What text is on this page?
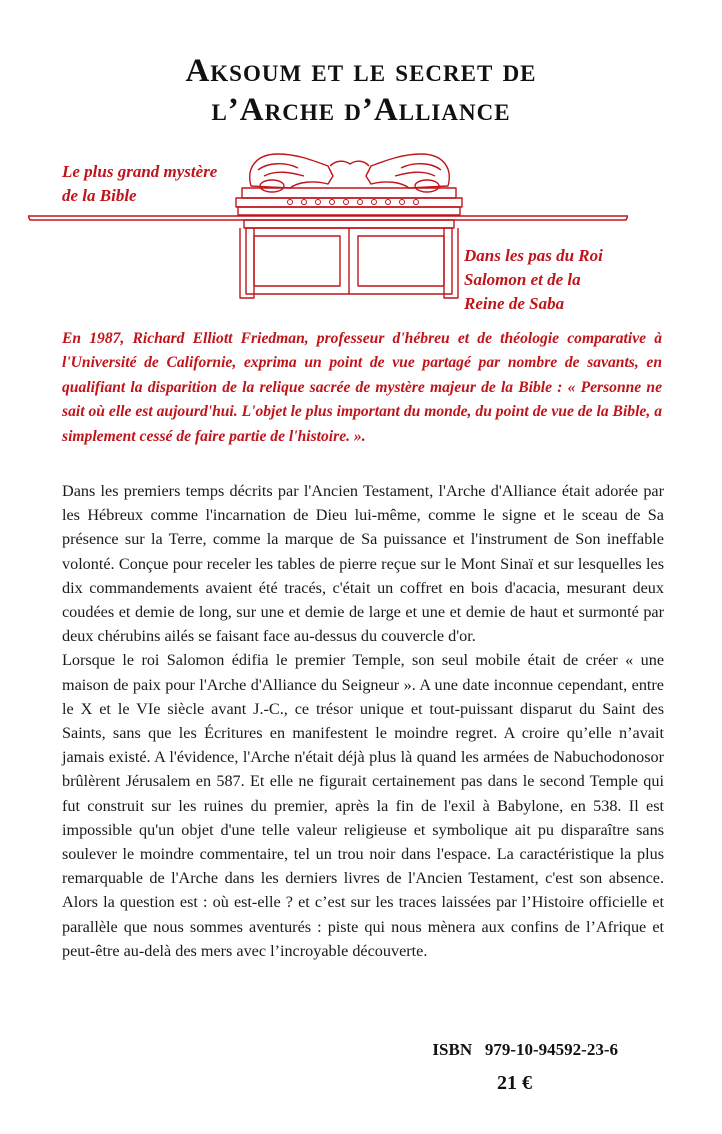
Aksoum et le secret de
l’Arche d’Alliance

Le plus grand mystère

de la Bible

Dans les pas du Roi

Salomon et de la

Reine de Saba

En 1987, Richard Elliott Friedman, professeur d'hébreu et de théologie comparative à l'Université de Californie, exprima un point de vue partagé par nombre de savants, en qualifiant la disparition de la relique sacrée de mystère majeur de la Bible : « Personne ne sait où elle est aujourd'hui. L'objet le plus important du monde, du point de vue de la Bible, a simplement cessé de faire partie de l'histoire. ».

Dans les premiers temps décrits par l'Ancien Testament, l'Arche d'Alliance était adorée par les Hébreux comme l'incarnation de Dieu lui-même, comme le signe et le sceau de Sa présence sur la Terre, comme la marque de Sa puissance et l'instrument de Son ineffable volonté. Conçue pour receler les tables de pierre reçue sur le Mont Sinaï et sur lesquelles les dix commandements avaient été tracés, c'était un coffret en bois d'acacia, mesurant deux coudées et demie de long, sur une et demie de large et une et demie de haut et surmonté par deux chérubins ailés se faisant face au-dessus du couvercle d'or.

Lorsque le roi Salomon édifia le premier Temple, son seul mobile était de créer « une maison de paix pour l'Arche d'Alliance du Seigneur ». A une date inconnue cependant, entre le X et le VIe siècle avant J.-C., ce trésor unique et tout-puissant disparut du Saint des Saints, sans que les Écritures en manifestent le moindre regret. A croire qu’elle n’avait jamais existé. A l'évidence, l'Arche n'était déjà plus là quand les armées de Nabuchodonosor brûlèrent Jérusalem en 587. Et elle ne figurait certainement pas dans le second Temple qui fut construit sur les ruines du premier, après la fin de l'exil à Babylone, en 538. Il est impossible qu'un objet d'une telle valeur religieuse et symbolique ait pu disparaître sans soulever le moindre commentaire, tel un trou noir dans l'espace. La caractéristique la plus remarquable de l'Arche dans les derniers livres de l'Ancien Testament, c'est son absence. Alors la question est : où est-elle ? et c’est sur les traces laissées par l’Histoire officielle et parallèle que nous sommes aventurés : piste qui nous mènera aux confins de l’Afrique et peut-être au-delà des mers avec l’incroyable découverte.

ISBN   979-10-94592-23-6
21 €
